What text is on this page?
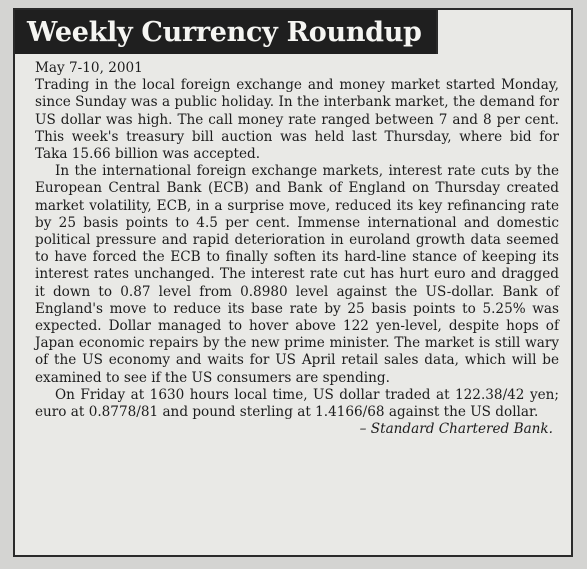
Weekly Currency Roundup

May 7-10, 2001

Trading in the local foreign exchange and money market started Monday, since Sunday was a public holiday. In the interbank market, the demand for US dollar was high. The call money rate ranged between 7 and 8 per cent. This week's treasury bill auction was held last Thursday, where bid for Taka 15.66 billion was accepted.

In the international foreign exchange markets, interest rate cuts by the European Central Bank (ECB) and Bank of England on Thursday created market volatility, ECB, in a surprise move, reduced its key refinancing rate by 25 basis points to 4.5 per cent. Immense international and domestic political pressure and rapid deterioration in euroland growth data seemed to have forced the ECB to finally soften its hard-line stance of keeping its interest rates unchanged. The interest rate cut has hurt euro and dragged it down to 0.87 level from 0.8980 level against the US-dollar. Bank of England's move to reduce its base rate by 25 basis points to 5.25% was expected. Dollar managed to hover above 122 yen-level, despite hops of Japan economic repairs by the new prime minister. The market is still wary of the US economy and waits for US April retail sales data, which will be examined to see if the US consumers are spending.

On Friday at 1630 hours local time, US dollar traded at 122.38/42 yen; euro at 0.8778/81 and pound sterling at 1.4166/68 against the US dollar.

– Standard Chartered Bank.
